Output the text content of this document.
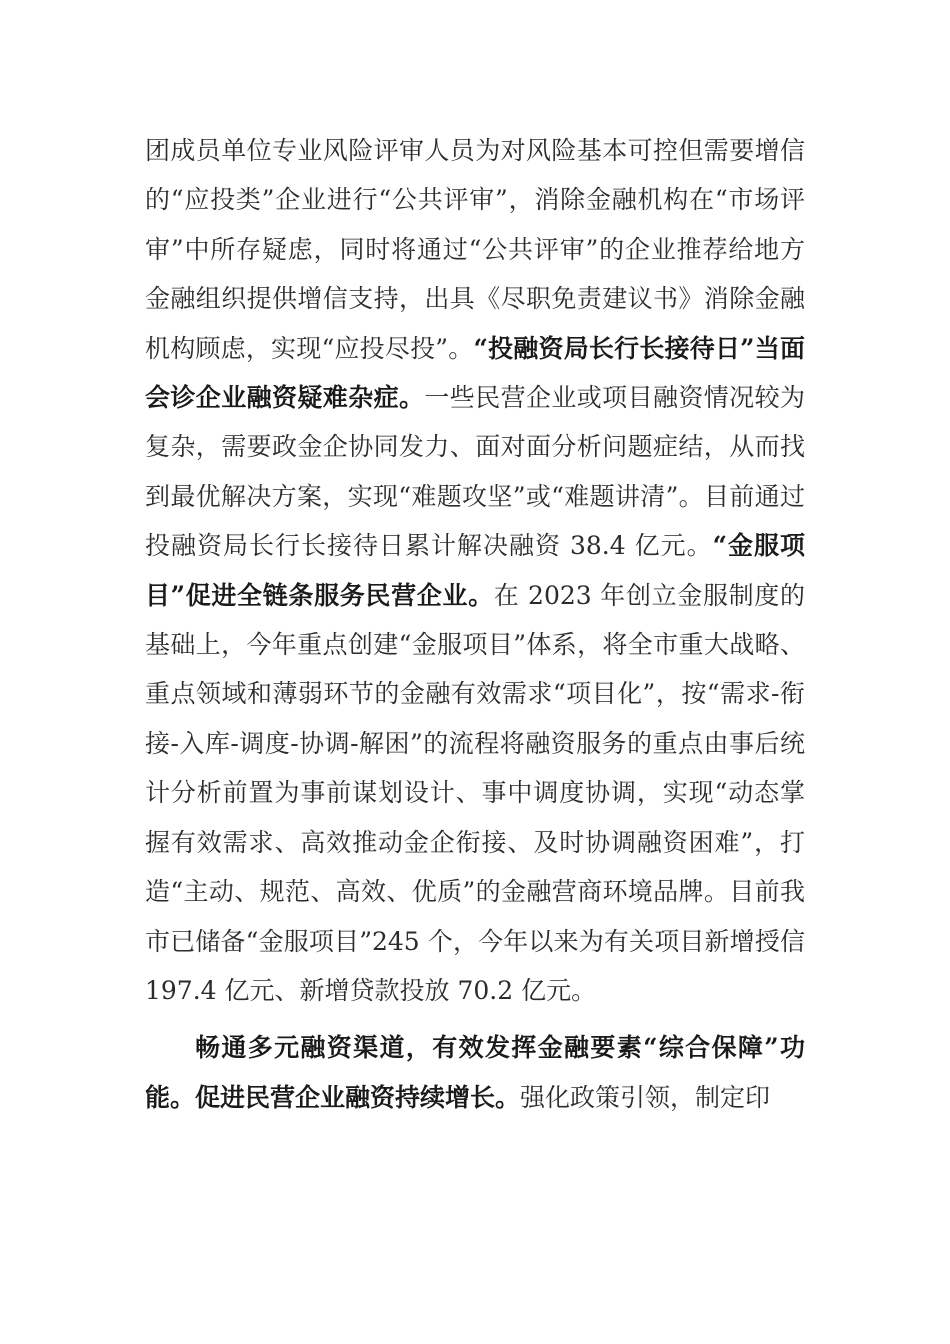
团成员单位专业风险评审人员为对风险基本可控但需要增信的“应投类”企业进行“公共评审”，消除金融机构在“市场评审”中所存疑虑，同时将通过“公共评审”的企业推荐给地方金融组织提供增信支持，出具《尽职免责建议书》消除金融机构顾虑，实现“应投尽投”。“投融资局长行长接待日”当面会诊企业融资疑难杂症。一些民营企业或项目融资情况较为复杂，需要政金企协同发力、面对面分析问题症结，从而找到最优解决方案，实现“难题攻坚”或“难题讲清”。目前通过投融资局长行长接待日累计解决融资 38.4 亿元。“金服项目”促进全链条服务民营企业。在 2023 年创立金服制度的基础上，今年重点创建“金服项目”体系，将全市重大战略、重点领域和薄弱环节的金融有效需求“项目化”，按“需求-衔接-入库-调度-协调-解困”的流程将融资服务的重点由事后统计分析前置为事前谋划设计、事中调度协调，实现“动态掌握有效需求、高效推动金企衔接、及时协调融资困难”，打造“主动、规范、高效、优质”的金融营商环境品牌。目前我市已储备“金服项目”245 个，今年以来为有关项目新增授信 197.4 亿元、新增贷款投放 70.2 亿元。

畅通多元融资渠道，有效发挥金融要素“综合保障”功能。促进民营企业融资持续增长。强化政策引领，制定印
